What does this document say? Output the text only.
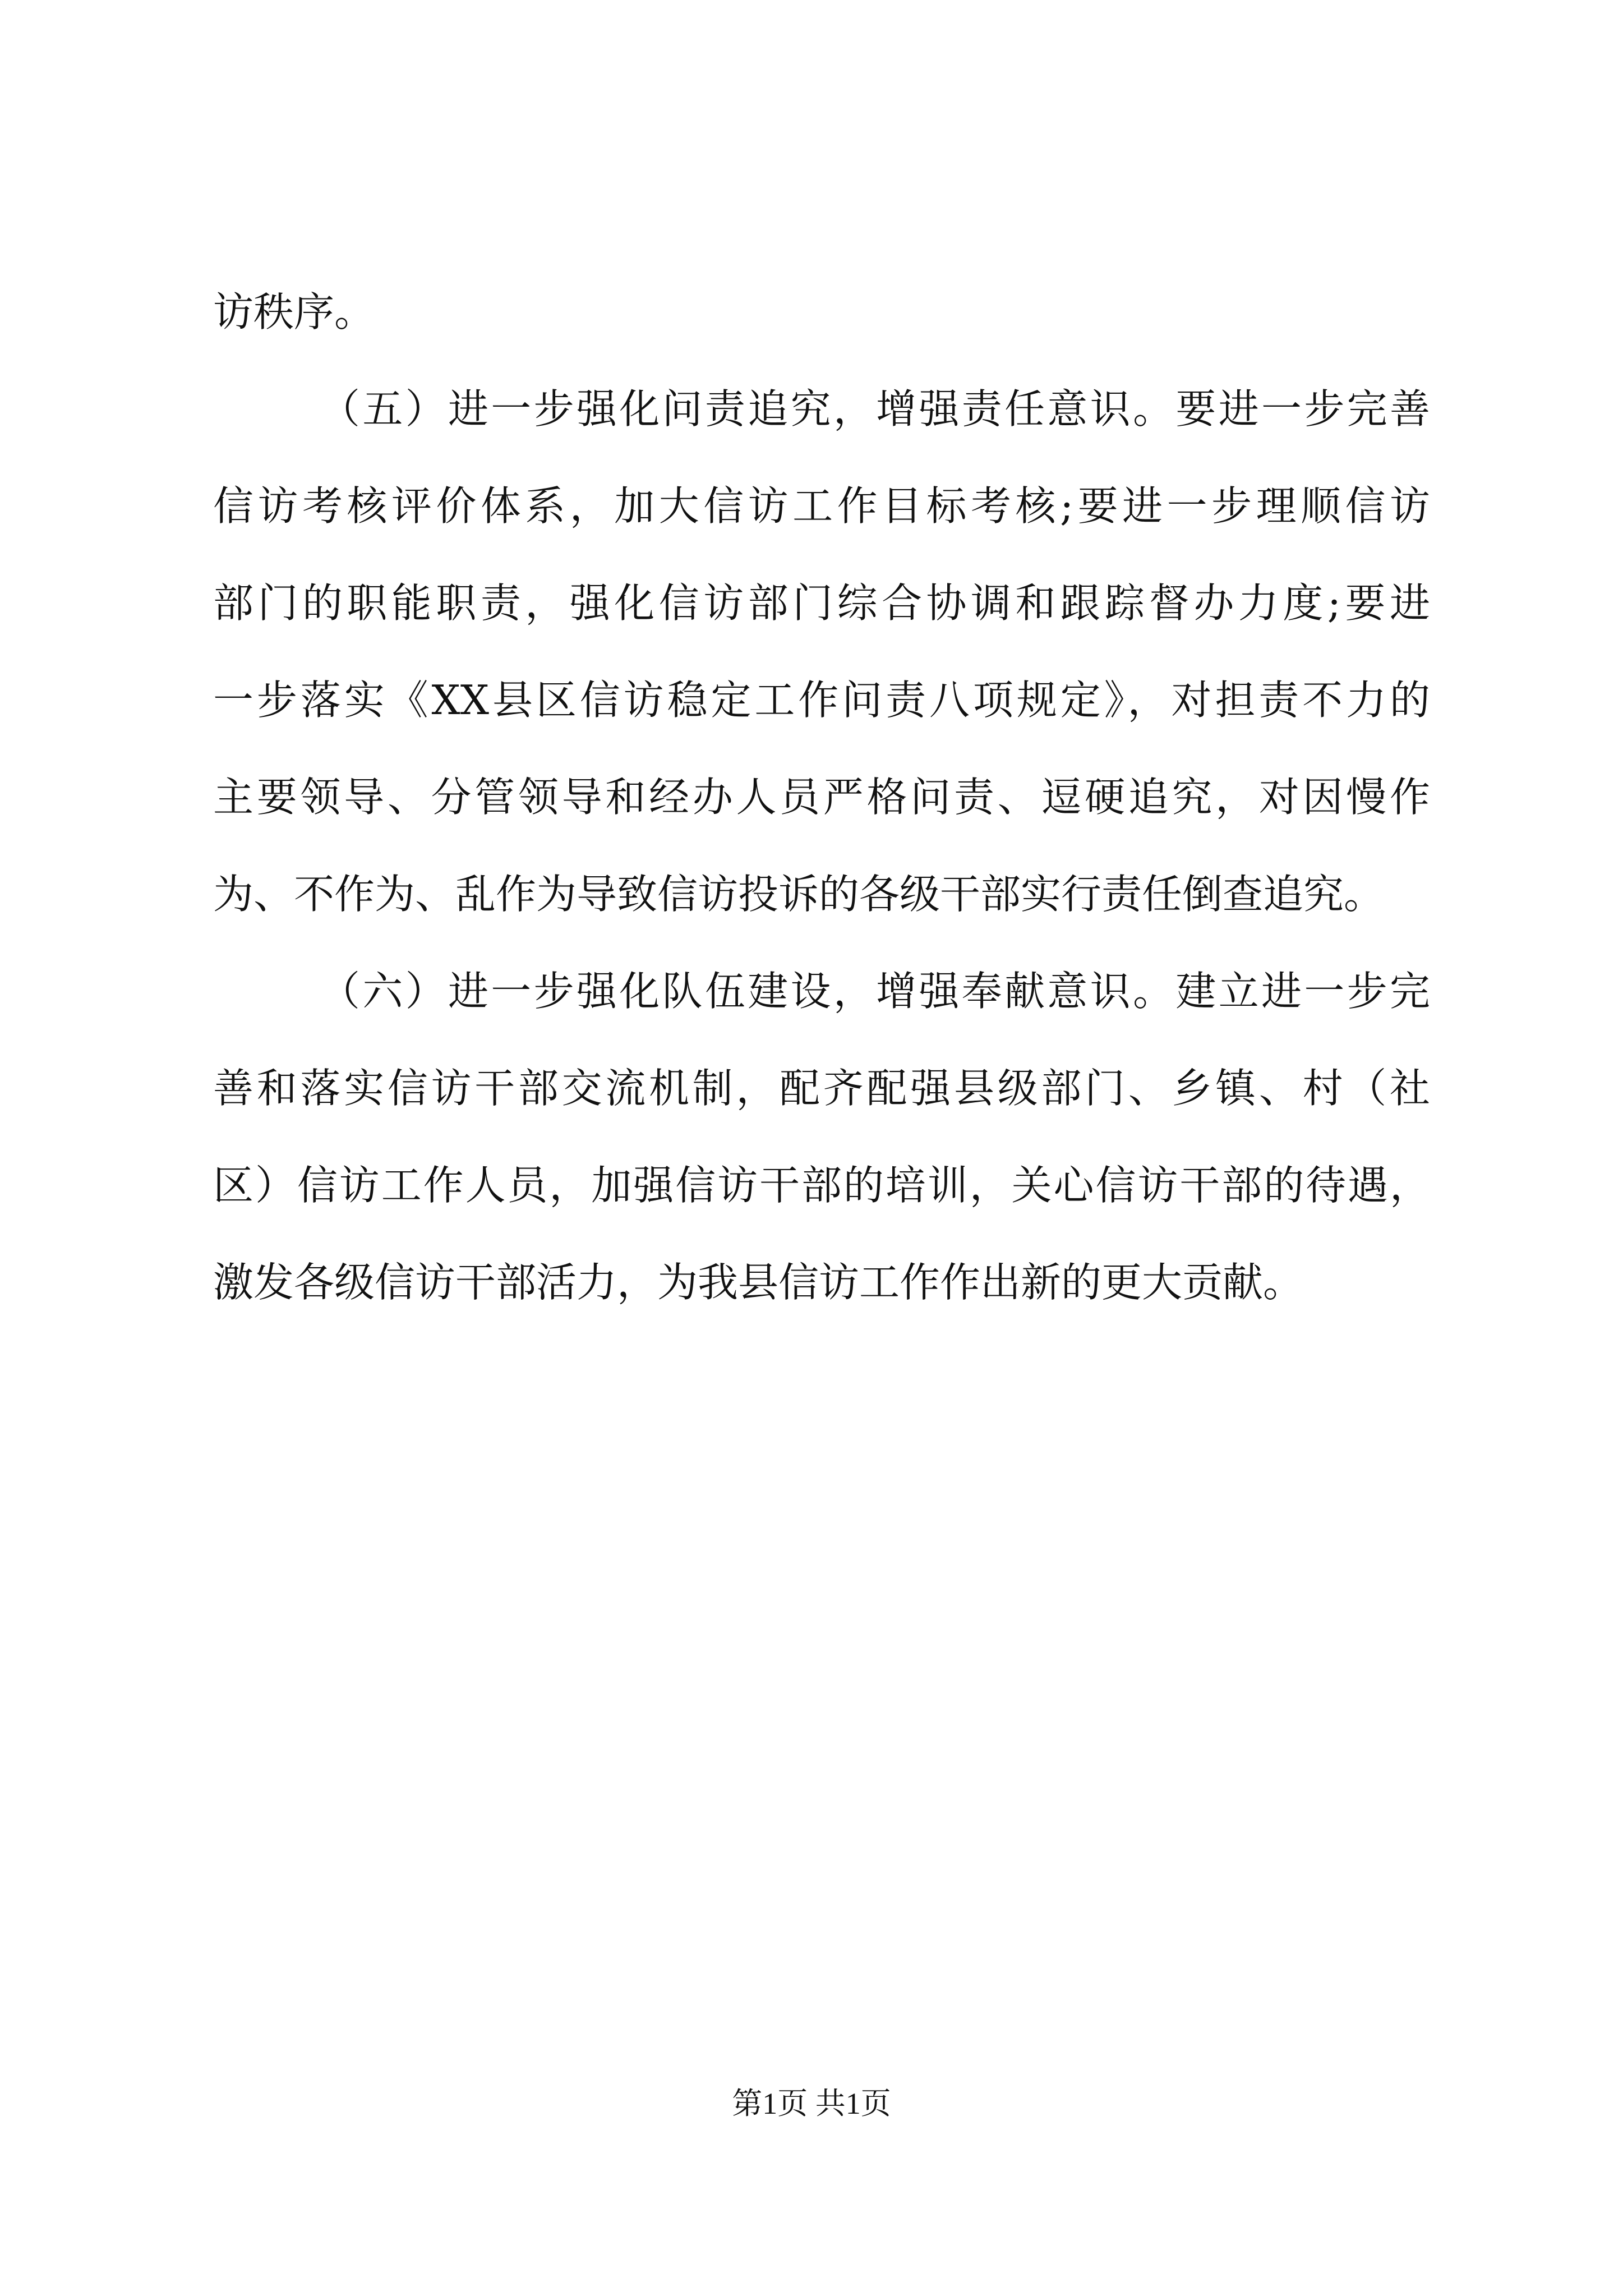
访秩序。
（五）进一步强化问责追究，增强责任意识。要进一步完善
信访考核评价体系，加大信访工作目标考核;要进一步理顺信访
部门的职能职责，强化信访部门综合协调和跟踪督办力度;要进
一步落实《XX县区信访稳定工作问责八项规定》，对担责不力的
主要领导、分管领导和经办人员严格问责、逗硬追究，对因慢作
为、不作为、乱作为导致信访投诉的各级干部实行责任倒查追究。
（六）进一步强化队伍建设，增强奉献意识。建立进一步完
善和落实信访干部交流机制，配齐配强县级部门、乡镇、村（社
区）信访工作人员，加强信访干部的培训，关心信访干部的待遇，
激发各级信访干部活力，为我县信访工作作出新的更大贡献。
第1页 共1页
